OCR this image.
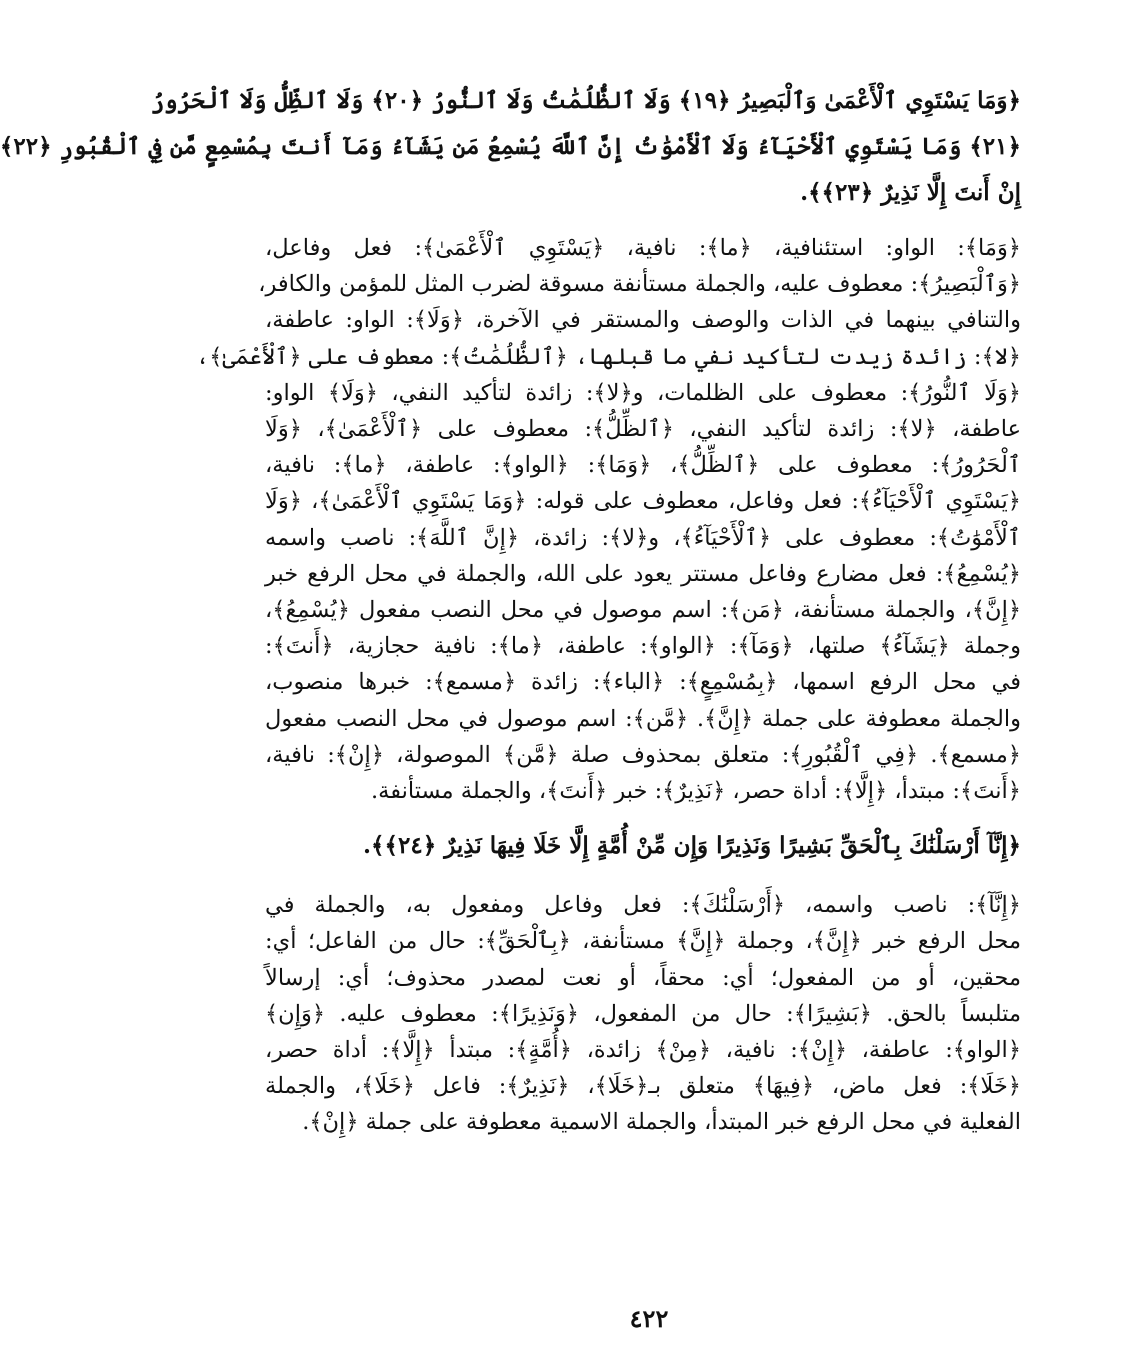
﴿وَمَا يَسْتَوِي ٱلْأَعْمَىٰ وَٱلْبَصِيرُ ﴿١٩﴾ وَلَا ٱلظُّلُمَٰتُ وَلَا ٱلنُّورُ ﴿٢٠﴾ وَلَا ٱلظِّلُّ وَلَا ٱلْحَرُورُ
﴿٢١﴾ وَمَا يَسْتَوِي ٱلْأَحْيَآءُ وَلَا ٱلْأَمْوَٰتُ إِنَّ ٱللَّهَ يُسْمِعُ مَن يَشَآءُ وَمَآ أَنتَ بِمُسْمِعٍ مَّن فِي ٱلْقُبُورِ ﴿٢٢﴾
إِنْ أَنتَ إِلَّا نَذِيرٌ ﴿٢٣﴾﴾.
﴿وَمَا﴾: الواو: استئنافية، ﴿ما﴾: نافية، ﴿يَسْتَوِي ٱلْأَعْمَىٰ﴾: فعل وفاعل،
﴿وَٱلْبَصِيرُ﴾: معطوف عليه، والجملة مستأنفة مسوقة لضرب المثل للمؤمن والكافر،
والتنافي بينهما في الذات والوصف والمستقر في الآخرة، ﴿وَلَا﴾: الواو: عاطفة،
﴿لا﴾: زائدة زيدت لتأكيد نفي ما قبلها، ﴿ٱلظُّلُمَٰتُ﴾: معطوف على ﴿ٱلْأَعْمَىٰ﴾،
﴿وَلَا ٱلنُّورُ﴾: معطوف على الظلمات، و﴿لا﴾: زائدة لتأكيد النفي، ﴿وَلَا﴾ الواو:
عاطفة، ﴿لا﴾: زائدة لتأكيد النفي، ﴿ٱلظِّلُّ﴾: معطوف على ﴿ٱلْأَعْمَىٰ﴾، ﴿وَلَا
ٱلْحَرُورُ﴾: معطوف على ﴿ٱلظِّلُّ﴾، ﴿وَمَا﴾: ﴿الواو﴾: عاطفة، ﴿ما﴾: نافية،
﴿يَسْتَوِي ٱلْأَحْيَآءُ﴾: فعل وفاعل، معطوف على قوله: ﴿وَمَا يَسْتَوِي ٱلْأَعْمَىٰ﴾، ﴿وَلَا
ٱلْأَمْوَٰتُ﴾: معطوف على ﴿ٱلْأَحْيَآءُ﴾، و﴿لا﴾: زائدة، ﴿إِنَّ ٱللَّهَ﴾: ناصب واسمه
﴿يُسْمِعُ﴾: فعل مضارع وفاعل مستتر يعود على الله، والجملة في محل الرفع خبر
﴿إِنَّ﴾، والجملة مستأنفة، ﴿مَن﴾: اسم موصول في محل النصب مفعول ﴿يُسْمِعُ﴾،
وجملة ﴿يَشَآءُ﴾ صلتها، ﴿وَمَآ﴾: ﴿الواو﴾: عاطفة، ﴿ما﴾: نافية حجازية، ﴿أَنتَ﴾:
في محل الرفع اسمها، ﴿بِمُسْمِعٍ﴾: ﴿الباء﴾: زائدة ﴿مسمع﴾: خبرها منصوب،
والجملة معطوفة على جملة ﴿إِنَّ﴾. ﴿مَّن﴾: اسم موصول في محل النصب مفعول
﴿مسمع﴾. ﴿فِي ٱلْقُبُورِ﴾: متعلق بمحذوف صلة ﴿مَّن﴾ الموصولة، ﴿إِنْ﴾: نافية،
﴿أَنتَ﴾: مبتدأ، ﴿إِلَّا﴾: أداة حصر، ﴿نَذِيرٌ﴾: خبر ﴿أَنتَ﴾، والجملة مستأنفة.
﴿إِنَّآ أَرْسَلْنَٰكَ بِٱلْحَقِّ بَشِيرًا وَنَذِيرًا وَإِن مِّنْ أُمَّةٍ إِلَّا خَلَا فِيهَا نَذِيرٌ ﴿٢٤﴾﴾.
﴿إِنَّآ﴾: ناصب واسمه، ﴿أَرْسَلْنَٰكَ﴾: فعل وفاعل ومفعول به، والجملة في
محل الرفع خبر ﴿إِنَّ﴾، وجملة ﴿إِنَّ﴾ مستأنفة، ﴿بِٱلْحَقِّ﴾: حال من الفاعل؛ أي:
محقين، أو من المفعول؛ أي: محقاً، أو نعت لمصدر محذوف؛ أي: إرسالاً
متلبساً بالحق. ﴿بَشِيرًا﴾: حال من المفعول، ﴿وَنَذِيرًا﴾: معطوف عليه. ﴿وَإِن﴾
﴿الواو﴾: عاطفة، ﴿إِنْ﴾: نافية، ﴿مِنْ﴾ زائدة، ﴿أُمَّةٍ﴾: مبتدأ ﴿إِلَّا﴾: أداة حصر،
﴿خَلَا﴾: فعل ماض، ﴿فِيهَا﴾ متعلق بـ﴿خَلَا﴾، ﴿نَذِيرٌ﴾: فاعل ﴿خَلَا﴾، والجملة
الفعلية في محل الرفع خبر المبتدأ، والجملة الاسمية معطوفة على جملة ﴿إِنْ﴾.
٤٢٢
